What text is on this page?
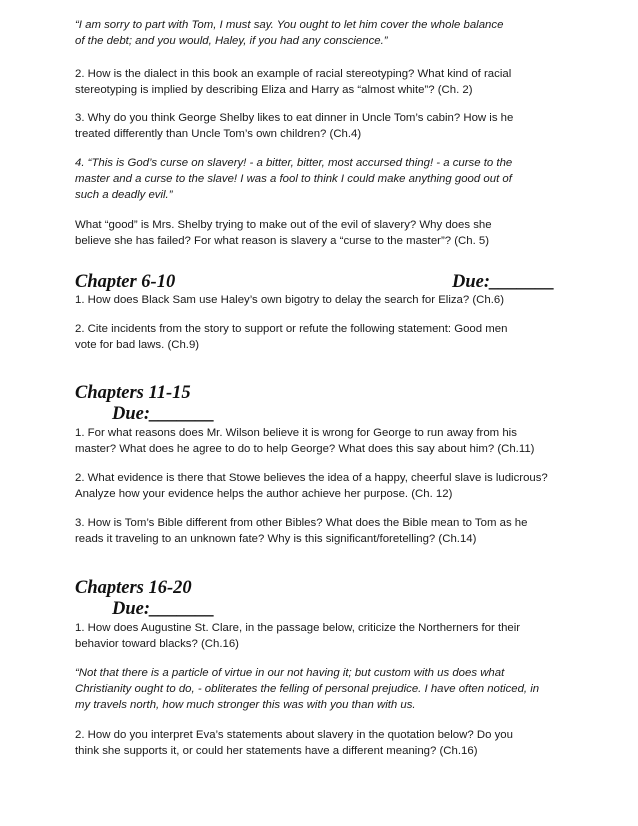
“I am sorry to part with Tom, I must say. You ought to let him cover the whole balance

of the debt; and you would, Haley, if you had any conscience.”

2. How is the dialect in this book an example of racial stereotyping? What kind of racial

stereotyping is implied by describing Eliza and Harry as “almost white”? (Ch. 2)

3. Why do you think George Shelby likes to eat dinner in Uncle Tom’s cabin? How is he

treated differently than Uncle Tom’s own children? (Ch.4)

4. “This is God’s curse on slavery! - a bitter, bitter, most accursed thing! - a curse to the

master and a curse to the slave! I was a fool to think I could make anything good out of

such a deadly evil.”

What “good” is Mrs. Shelby trying to make out of the evil of slavery? Why does she

believe she has failed? For what reason is slavery a “curse to the master”? (Ch. 5)

Chapter 6-10	Due:_______

1. How does Black Sam use Haley’s own bigotry to delay the search for Eliza? (Ch.6)

2. Cite incidents from the story to support or refute the following statement: Good men

vote for bad laws. (Ch.9)

Chapters 11-15
Due:_______

1. For what reasons does Mr. Wilson believe it is wrong for George to run away from his

master? What does he agree to do to help George? What does this say about him? (Ch.11)

2. What evidence is there that Stowe believes the idea of a happy, cheerful slave is ludicrous?

Analyze how your evidence helps the author achieve her purpose. (Ch. 12)

3. How is Tom’s Bible different from other Bibles? What does the Bible mean to Tom as he

reads it traveling to an unknown fate? Why is this significant/foretelling? (Ch.14)

Chapters 16-20
Due:_______

1. How does Augustine St. Clare, in the passage below, criticize the Northerners for their

behavior toward blacks? (Ch.16)

“Not that there is a particle of virtue in our not having it; but custom with us does what

Christianity ought to do, - obliterates the felling of personal prejudice. I have often noticed, in

my travels north, how much stronger this was with you than with us.

2. How do you interpret Eva’s statements about slavery in the quotation below? Do you

think she supports it, or could her statements have a different meaning? (Ch.16)
